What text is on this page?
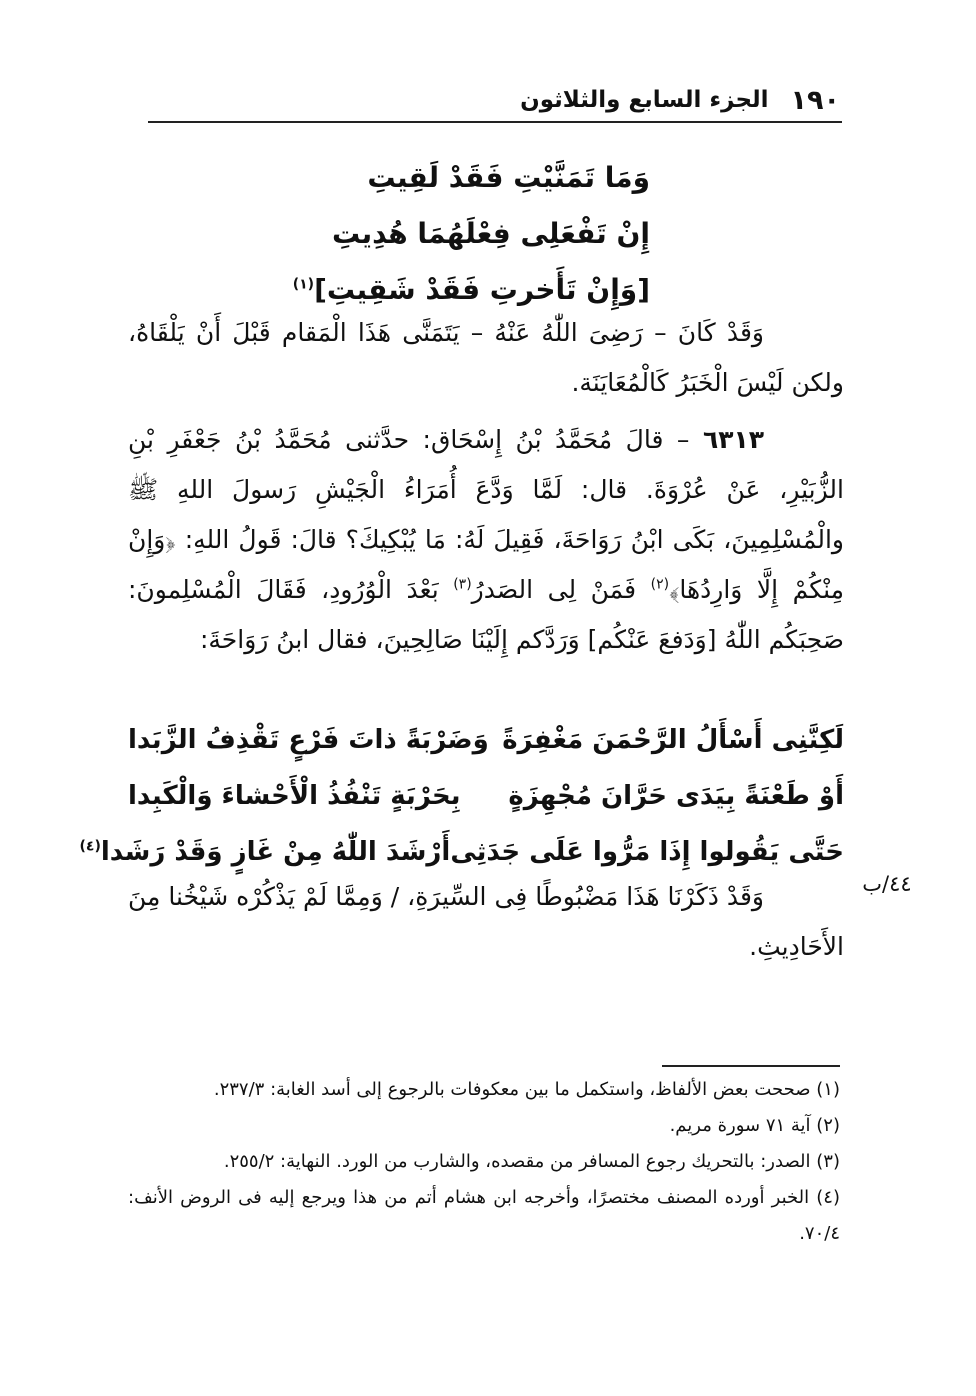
١٩٠
الجزء السابع والثلاثون
وَمَا تَمَنَّيْتِ فَقَدْ لَقِيتِ
إِنْ تَفْعَلِى فِعْلَهُمَا هُدِيتِ
[وَإِنْ تَأَخرتِ فَقَدْ شَقِيتِ]$^{(١)}$
وَقَدْ كَانَ – رَضِىَ اللّٰهُ عَنْهُ – يَتَمَنَّى هَذَا الْمَقام قَبْلَ أَنْ يَلْقَاهُ، ولكن لَيْسَ الْخَبَرُ كَالْمُعَايَنَة.
٦٣١٣ – قالَ مُحَمَّدُ بْنُ إِسْحَاق: حدَّثنى مُحَمَّدُ بْنُ جَعْفَرِ بْنِ الزُّبَيْرِ، عَنْ عُرْوَةَ. قال: لَمَّا وَدَّعَ أُمَرَاءُ الْجَيْشِ رَسولَ اللهِ ﷺ والْمُسْلِمِينَ، بَكَى ابْنُ رَوَاحَةَ، فَقِيلَ لَهُ: مَا يُبْكِيكَ؟ قالَ: قَولُ اللهِ: ﴿وَإِنْ مِنْكُمْ إِلَّا وَارِدُهَا﴾$^{(٢)}$ فَمَنْ لِى الصَدرُ$^{(٣)}$ بَعْدَ الْوُرُودِ، فَقَالَ الْمُسْلِمونَ: صَحِبَكُم اللّٰهُ [وَدَفعَ عَنْكُم] وَرَدَّكم إِلَيْنَا صَالِحِينَ، فقال ابنُ رَوَاحَةَ:
لَكِنَّنِى أَسْأَلُ الرَّحْمَنَ مَغْفِرَةً
وَضَرْبَةً ذاتَ فَرْعٍ تَقْذِفُ الزَّبَدا
أَوْ طَعْنَةً بِيَدَى حَرَّانَ مُجْهِزَةٍ
بِحَرْبَةٍ تَنْفُذُ الْأَحْشاءَ وَالْكَبِدا
حَتَّى يَقُولوا إِذَا مَرُّوا عَلَى جَدَثِى
أَرْشَدَ اللّٰهُ مِنْ غَازٍ وَقَدْ رَشَدا$^{(٤)}$
وَقَدْ ذَكَرْنَا هَذَا مَضْبُوطًا فِى السِّيرَةِ، / وَمِمَّا لَمْ يَذْكُرْه شَيْخُنا مِنَ الأَحَادِيثِ.
٤٤/ب

(١) صححت بعض الألفاظ، واستكمل ما بين معكوفات بالرجوع إلى أسد الغابة: ٢٣٧/٣.

(٢) آية ٧١ سورة مريم.

(٣) الصدر: بالتحريك رجوع المسافر من مقصده، والشارب من الورد. النهاية: ٢٥٥/٢.

(٤) الخبر أورده المصنف مختصرًا، وأخرجه ابن هشام أتم من هذا ويرجع إليه فى الروض الأنف: ٧٠/٤.
